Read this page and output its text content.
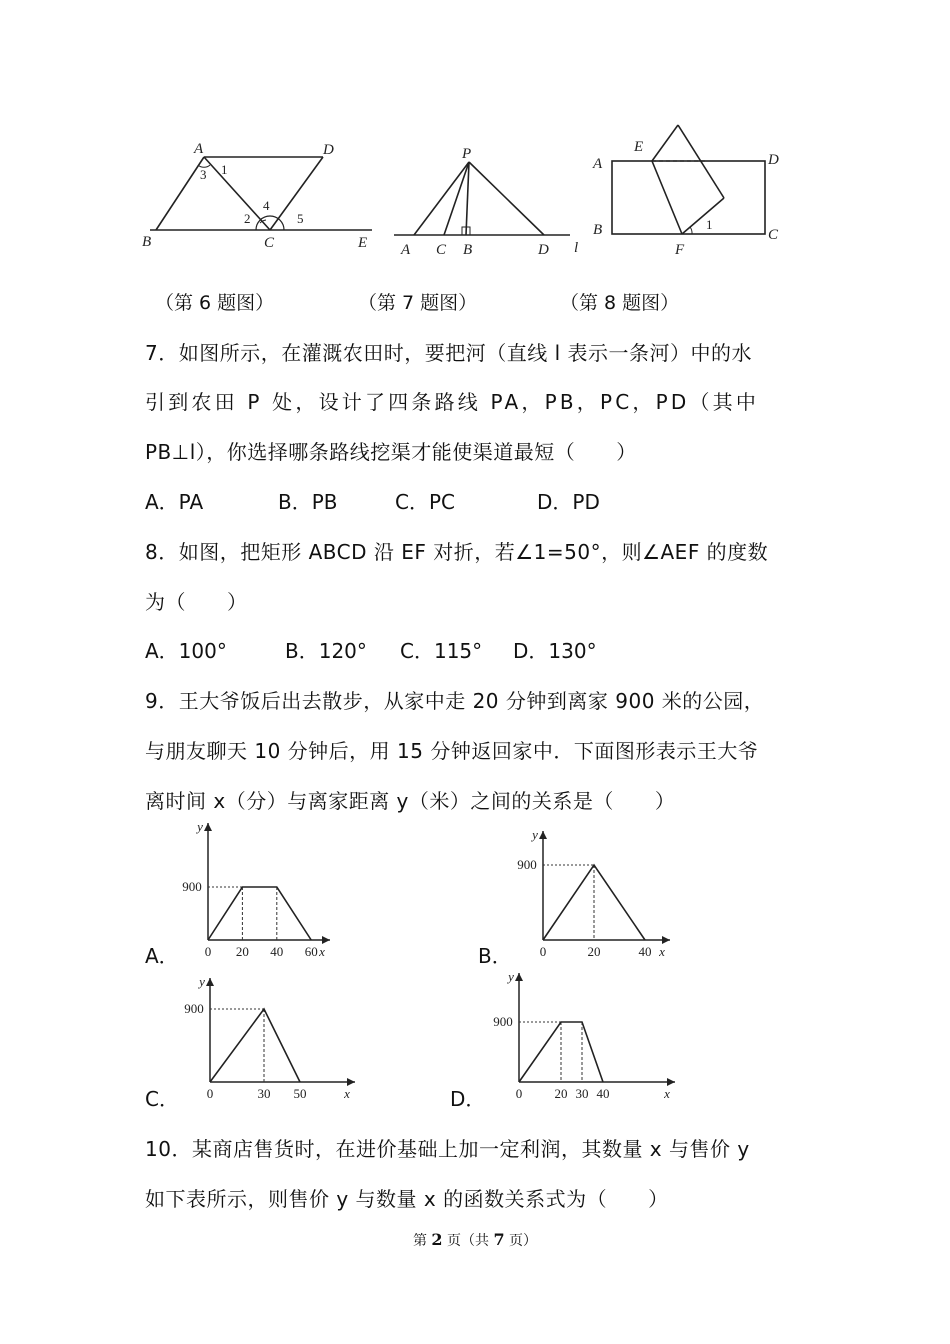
A	D
B	C	E
1
3
2
4
5
P
A C B	D l
A
E
D
B
F
C
1
（第 6 题图）	（第 7 题图）	（第 8 题图）
7．如图所示，在灌溉农田时，要把河（直线 l 表示一条河）中的水
引到农田 P 处，设计了四条路线 PA，PB，PC，PD（其中
PB⊥l），你选择哪条路线挖渠才能使渠道最短（　　）
A．PA	B．PB	C．PC	D．PD
8．如图，把矩形 ABCD 沿 EF 对折，若∠1=50°，则∠AEF 的度数
为（　　）
A．100°	B．120° C．115° D．130°
9．王大爷饭后出去散步，从家中走 20 分钟到离家 900 米的公园，
与朋友聊天 10 分钟后，用 15 分钟返回家中．下面图形表示王大爷
离时间 x（分）与离家距离 y（米）之间的关系是（　　）
A．	B．
C．	D．
x
y
0 20 40 60
900
x
y
0	20	40
900
x
y
0	30 50
900
x
y
0 20 30 40
900
10．某商店售货时，在进价基础上加一定利润，其数量 x 与售价 y
如下表所示，则售价 y 与数量 x 的函数关系式为（　　）
第 2 页（共 7 页）
